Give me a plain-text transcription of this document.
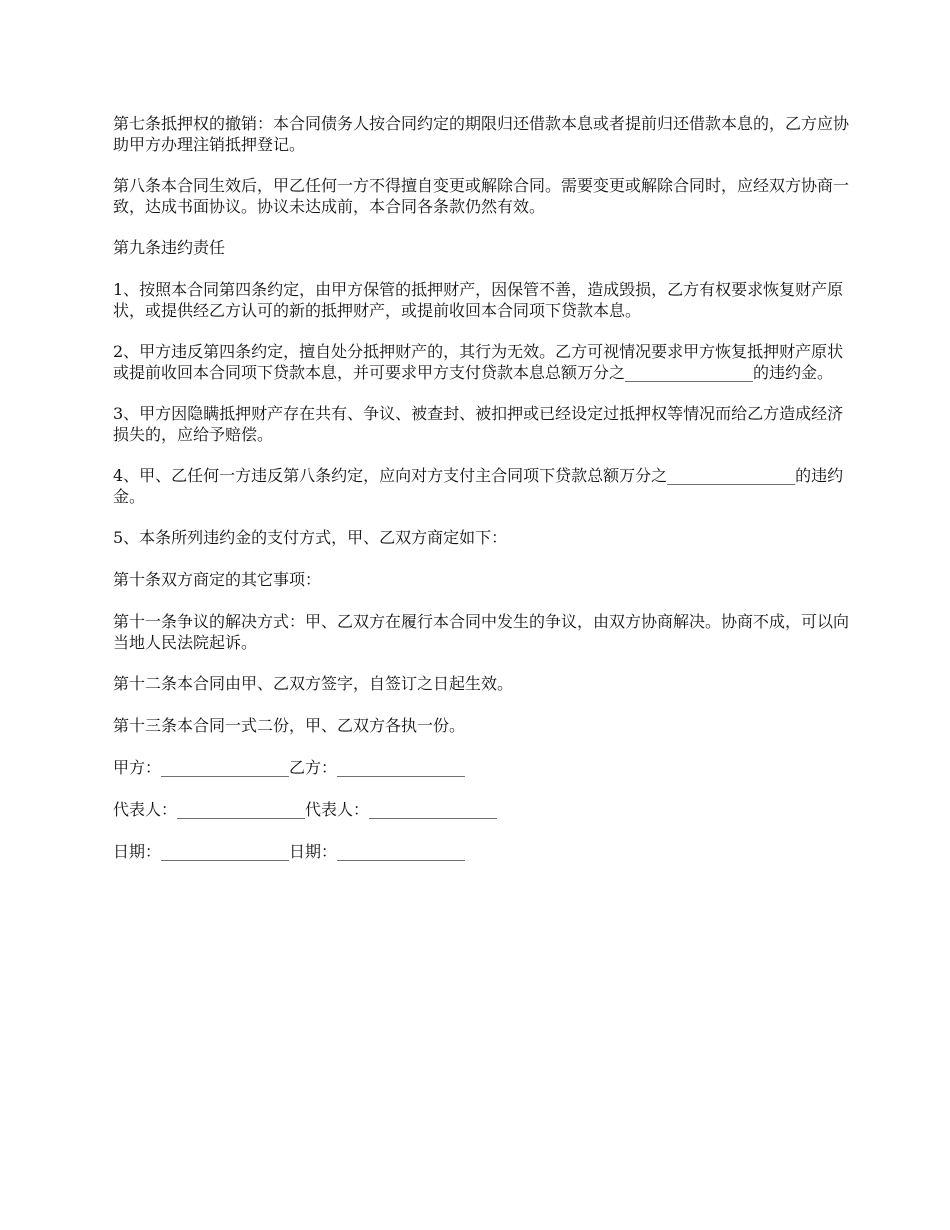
第七条抵押权的撤销：本合同债务人按合同约定的期限归还借款本息或者提前归还借款本息的，乙方应协助甲方办理注销抵押登记。

第八条本合同生效后，甲乙任何一方不得擅自变更或解除合同。需要变更或解除合同时，应经双方协商一致，达成书面协议。协议未达成前，本合同各条款仍然有效。

第九条违约责任

1、按照本合同第四条约定，由甲方保管的抵押财产，因保管不善，造成毁损，乙方有权要求恢复财产原状，或提供经乙方认可的新的抵押财产，或提前收回本合同项下贷款本息。

2、甲方违反第四条约定，擅自处分抵押财产的，其行为无效。乙方可视情况要求甲方恢复抵押财产原状或提前收回本合同项下贷款本息，并可要求甲方支付贷款本息总额万分之________________的违约金。

3、甲方因隐瞒抵押财产存在共有、争议、被查封、被扣押或已经设定过抵押权等情况而给乙方造成经济损失的，应给予赔偿。

4、甲、乙任何一方违反第八条约定，应向对方支付主合同项下贷款总额万分之________________的违约金。

5、本条所列违约金的支付方式，甲、乙双方商定如下：

第十条双方商定的其它事项：

第十一条争议的解决方式：甲、乙双方在履行本合同中发生的争议，由双方协商解决。协商不成，可以向当地人民法院起诉。

第十二条本合同由甲、乙双方签字，自签订之日起生效。

第十三条本合同一式二份，甲、乙双方各执一份。

甲方：________________乙方：________________

代表人：________________代表人：________________

日期：________________日期：________________
